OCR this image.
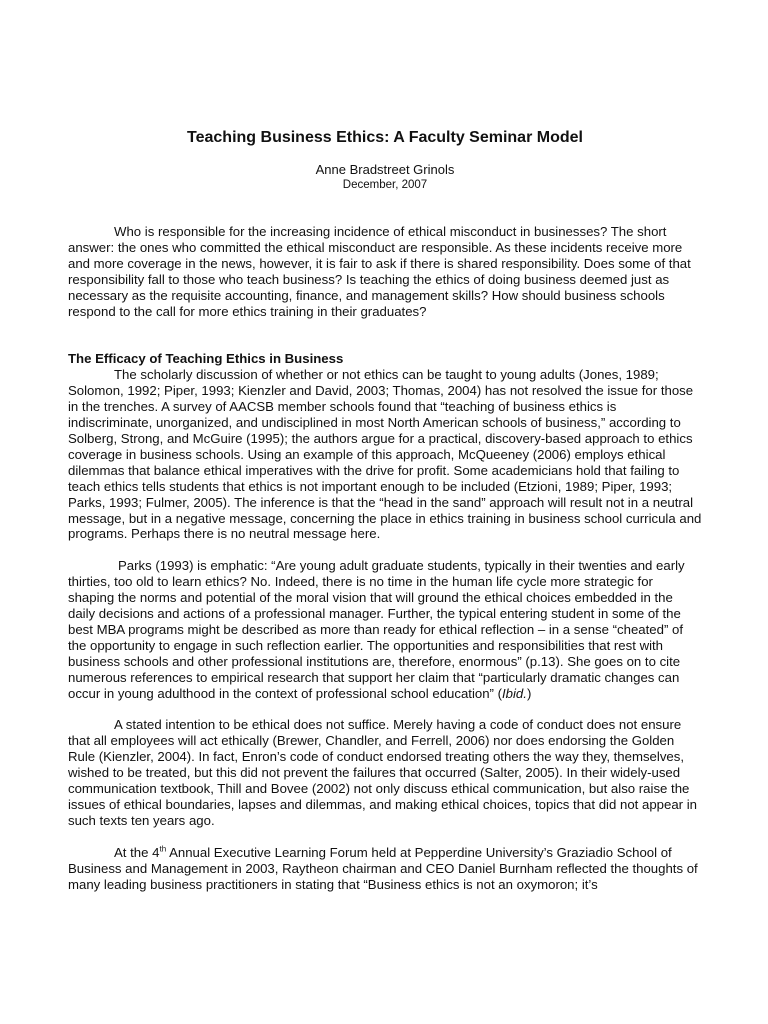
Teaching Business Ethics: A Faculty Seminar Model

Anne Bradstreet Grinols

December, 2007

Who is responsible for the increasing incidence of ethical misconduct in businesses? The short answer: the ones who committed the ethical misconduct are responsible. As these incidents receive more and more coverage in the news, however, it is fair to ask if there is shared responsibility. Does some of that responsibility fall to those who teach business? Is teaching the ethics of doing business deemed just as necessary as the requisite accounting, finance, and management skills? How should business schools respond to the call for more ethics training in their graduates?

The Efficacy of Teaching Ethics in Business

The scholarly discussion of whether or not ethics can be taught to young adults (Jones, 1989; Solomon, 1992; Piper, 1993; Kienzler and David, 2003; Thomas, 2004) has not resolved the issue for those in the trenches. A survey of AACSB member schools found that “teaching of business ethics is indiscriminate, unorganized, and undisciplined in most North American schools of business,” according to Solberg, Strong, and McGuire (1995); the authors argue for a practical, discovery-based approach to ethics coverage in business schools. Using an example of this approach, McQueeney (2006) employs ethical dilemmas that balance ethical imperatives with the drive for profit. Some academicians hold that failing to teach ethics tells students that ethics is not important enough to be included (Etzioni, 1989; Piper, 1993; Parks, 1993; Fulmer, 2005). The inference is that the “head in the sand” approach will result not in a neutral message, but in a negative message, concerning the place in ethics training in business school curricula and programs. Perhaps there is no neutral message here.

Parks (1993) is emphatic: “Are young adult graduate students, typically in their twenties and early thirties, too old to learn ethics? No. Indeed, there is no time in the human life cycle more strategic for shaping the norms and potential of the moral vision that will ground the ethical choices embedded in the daily decisions and actions of a professional manager. Further, the typical entering student in some of the best MBA programs might be described as more than ready for ethical reflection – in a sense “cheated” of the opportunity to engage in such reflection earlier. The opportunities and responsibilities that rest with business schools and other professional institutions are, therefore, enormous” (p.13). She goes on to cite numerous references to empirical research that support her claim that “particularly dramatic changes can occur in young adulthood in the context of professional school education” (Ibid.)

A stated intention to be ethical does not suffice. Merely having a code of conduct does not ensure that all employees will act ethically (Brewer, Chandler, and Ferrell, 2006) nor does endorsing the Golden Rule (Kienzler, 2004). In fact, Enron’s code of conduct endorsed treating others the way they, themselves, wished to be treated, but this did not prevent the failures that occurred (Salter, 2005). In their widely-used communication textbook, Thill and Bovee (2002) not only discuss ethical communication, but also raise the issues of ethical boundaries, lapses and dilemmas, and making ethical choices, topics that did not appear in such texts ten years ago.

At the 4th Annual Executive Learning Forum held at Pepperdine University’s Graziadio School of Business and Management in 2003, Raytheon chairman and CEO Daniel Burnham reflected the thoughts of many leading business practitioners in stating that “Business ethics is not an oxymoron; it’s
